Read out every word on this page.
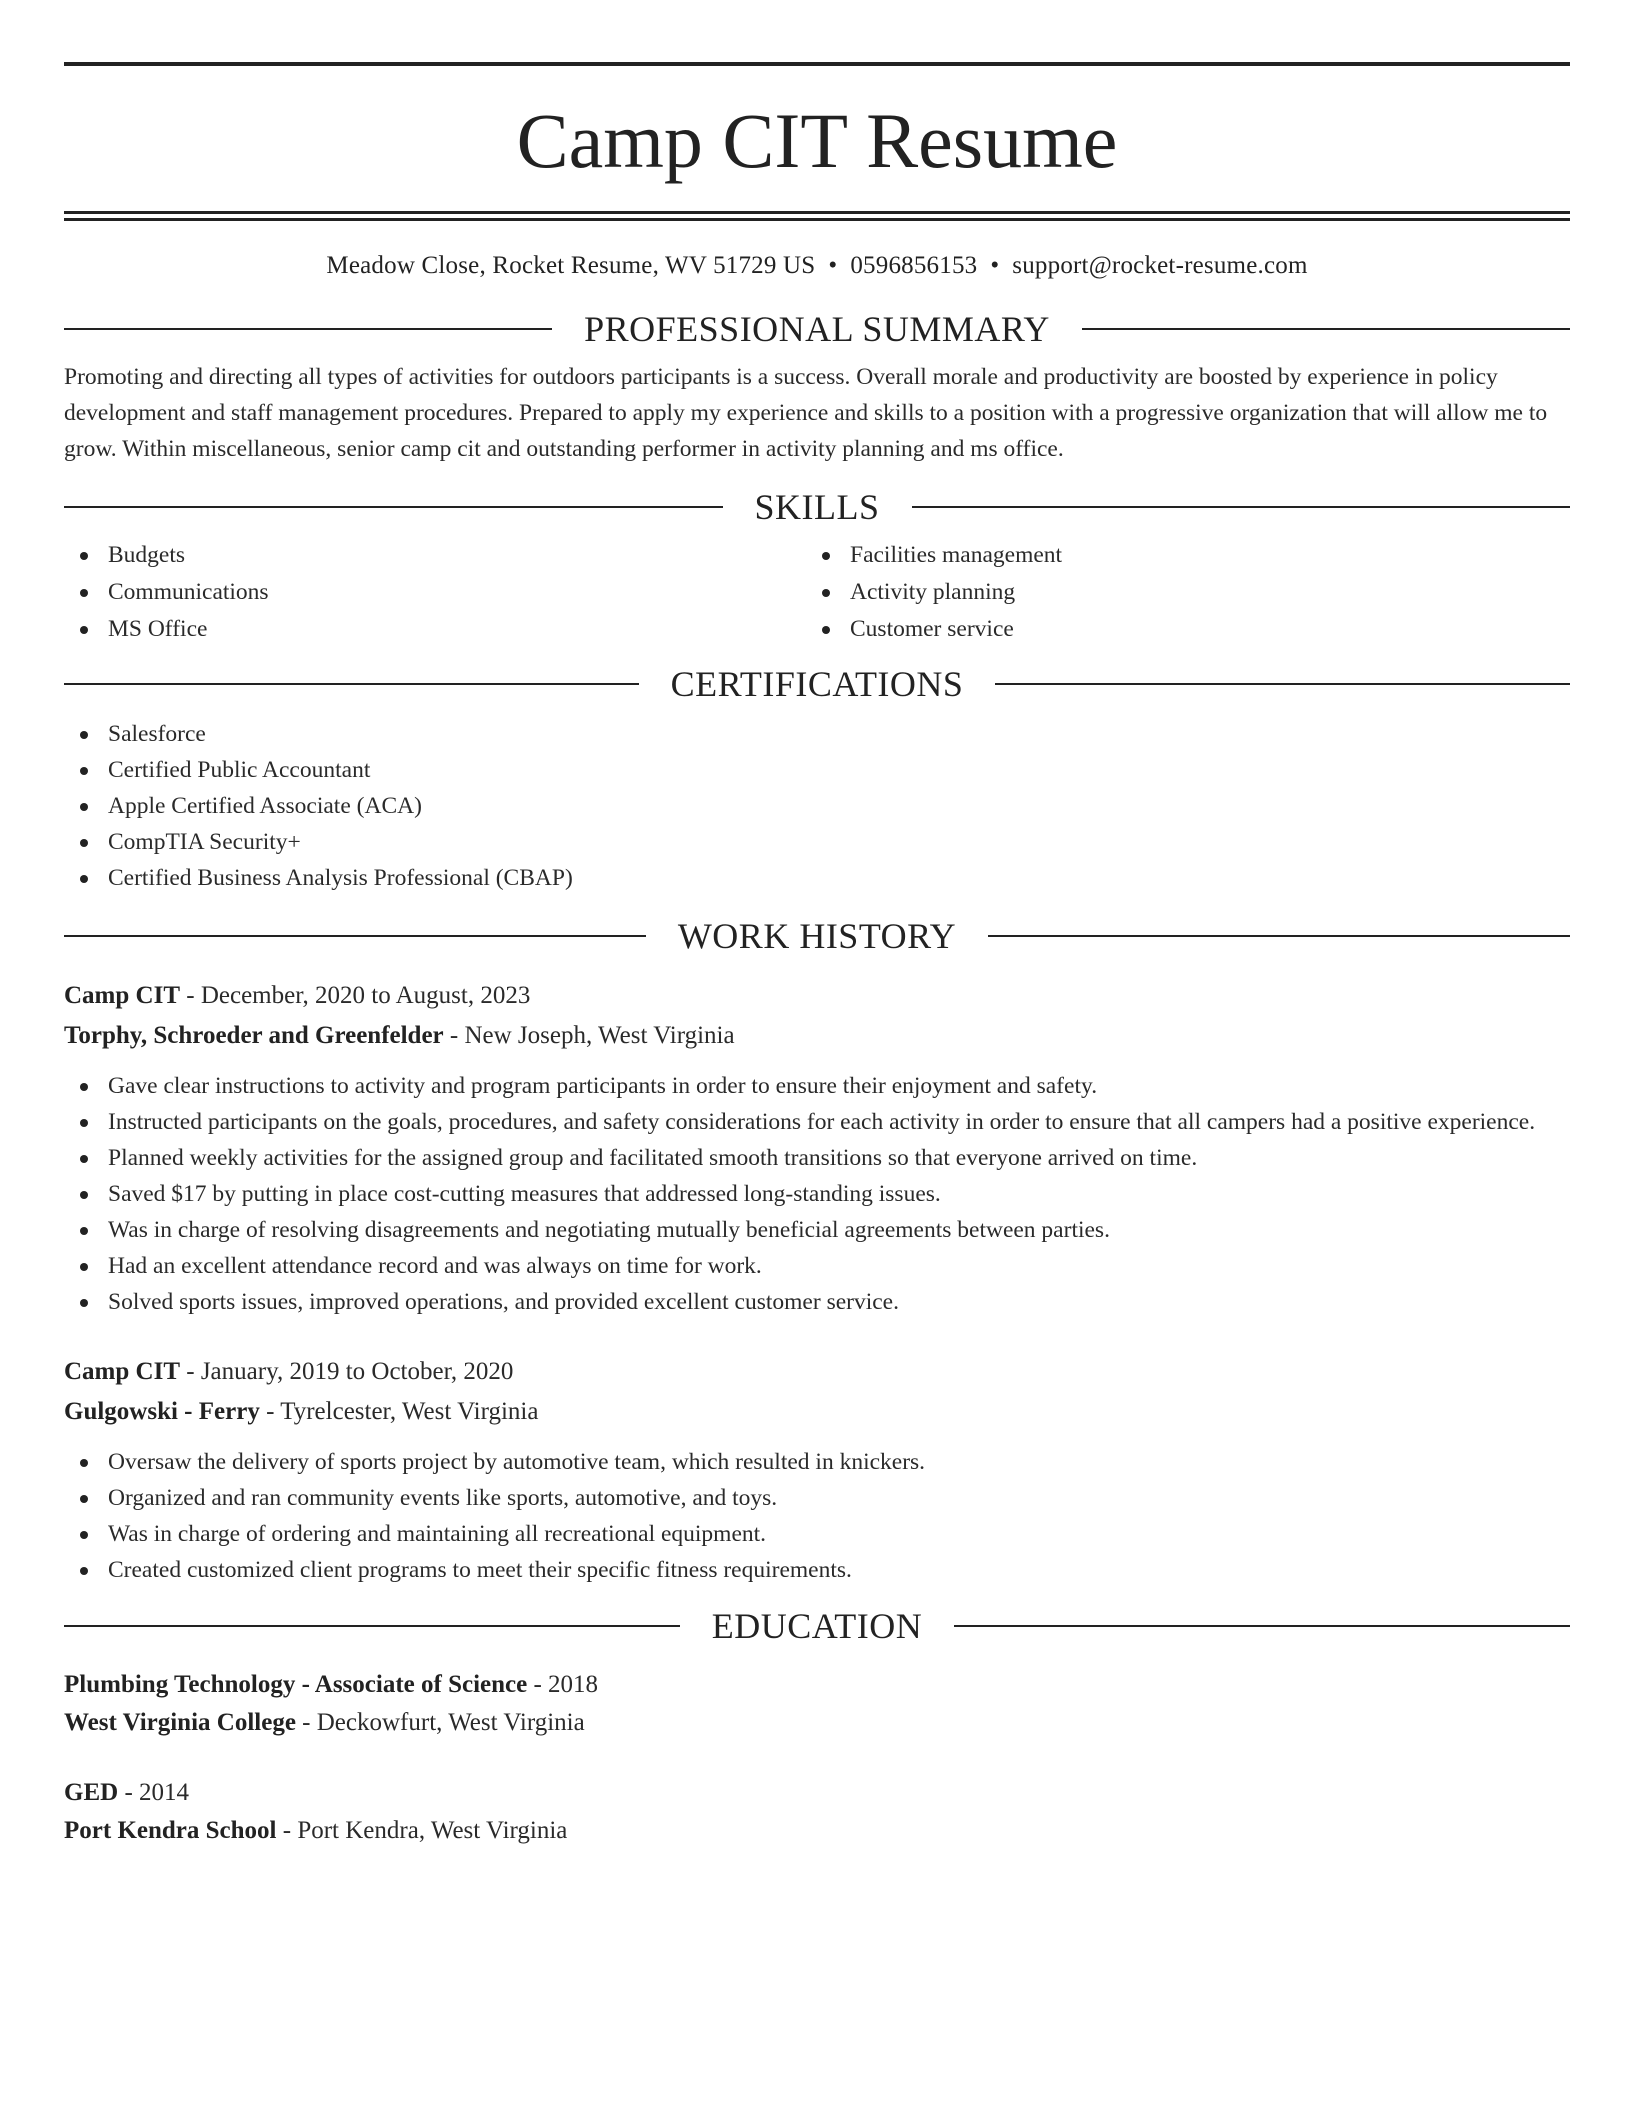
Camp CIT Resume
Meadow Close, Rocket Resume, WV 51729 US • 0596856153 • support@rocket-resume.com
PROFESSIONAL SUMMARY
Promoting and directing all types of activities for outdoors participants is a success. Overall morale and productivity are boosted by experience in policy development and staff management procedures. Prepared to apply my experience and skills to a position with a progressive organization that will allow me to grow. Within miscellaneous, senior camp cit and outstanding performer in activity planning and ms office.
SKILLS
Budgets
Communications
MS Office
Facilities management
Activity planning
Customer service
CERTIFICATIONS
Salesforce
Certified Public Accountant
Apple Certified Associate (ACA)
CompTIA Security+
Certified Business Analysis Professional (CBAP)
WORK HISTORY
Camp CIT - December, 2020 to August, 2023
Torphy, Schroeder and Greenfelder - New Joseph, West Virginia
Gave clear instructions to activity and program participants in order to ensure their enjoyment and safety.
Instructed participants on the goals, procedures, and safety considerations for each activity in order to ensure that all campers had a positive experience.
Planned weekly activities for the assigned group and facilitated smooth transitions so that everyone arrived on time.
Saved $17 by putting in place cost-cutting measures that addressed long-standing issues.
Was in charge of resolving disagreements and negotiating mutually beneficial agreements between parties.
Had an excellent attendance record and was always on time for work.
Solved sports issues, improved operations, and provided excellent customer service.
Camp CIT - January, 2019 to October, 2020
Gulgowski - Ferry - Tyrelcester, West Virginia
Oversaw the delivery of sports project by automotive team, which resulted in knickers.
Organized and ran community events like sports, automotive, and toys.
Was in charge of ordering and maintaining all recreational equipment.
Created customized client programs to meet their specific fitness requirements.
EDUCATION
Plumbing Technology - Associate of Science - 2018
West Virginia College - Deckowfurt, West Virginia
GED - 2014
Port Kendra School - Port Kendra, West Virginia
